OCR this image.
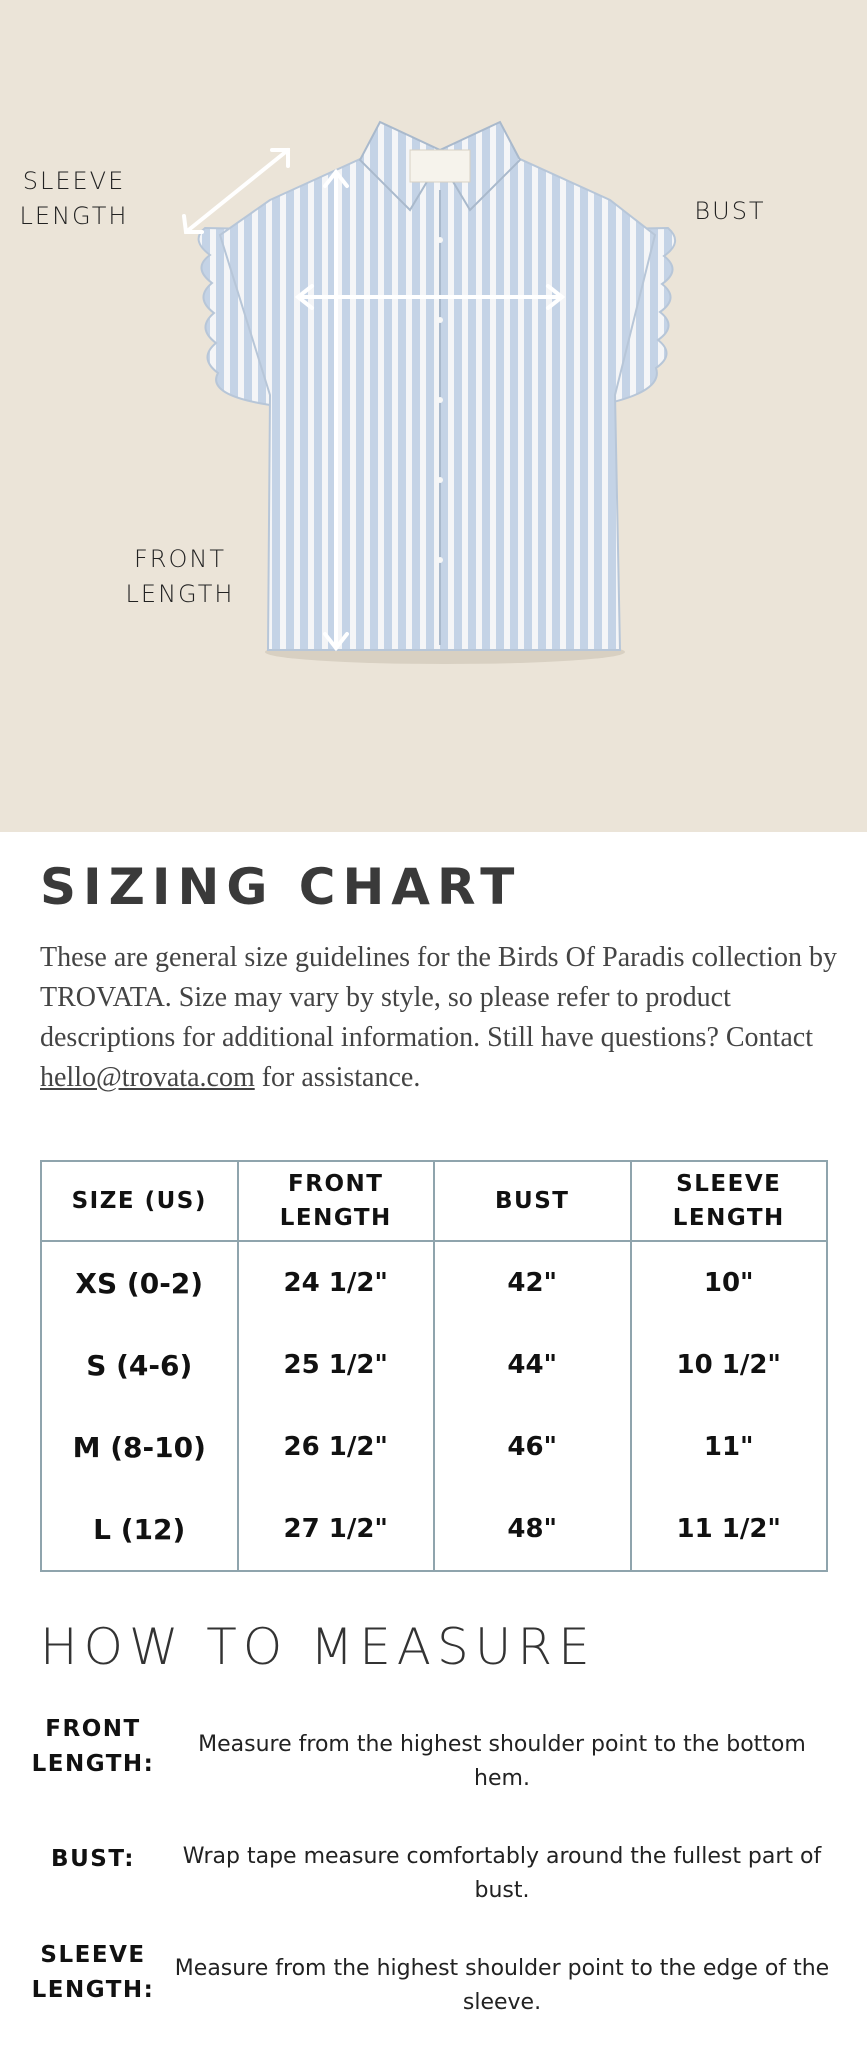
SLEEVE
LENGTH	BUST
FRONT
LENGTH
SIZING CHART

These are general size guidelines for the Birds Of Paradis collection by TROVATA. Size may vary by style, so please refer to product descriptions for additional information. Still have questions? Contact hello@trovata.com for assistance.

SIZE (US)	FRONT
LENGTH	BUST	SLEEVE
LENGTH
XS (0-2)	24 1/2"	42"	10"
S (4-6)	25 1/2"	44"	10 1/2"
M (8-10)	26 1/2"	46"	11"
L (12)	27 1/2"	48"	11 1/2"
HOW TO MEASURE
FRONT
LENGTH:
Measure from the highest shoulder point to the bottom hem.
BUST:	Wrap tape measure comfortably around the fullest part of bust.
SLEEVE
LENGTH:
Measure from the highest shoulder point to the edge of the sleeve.
